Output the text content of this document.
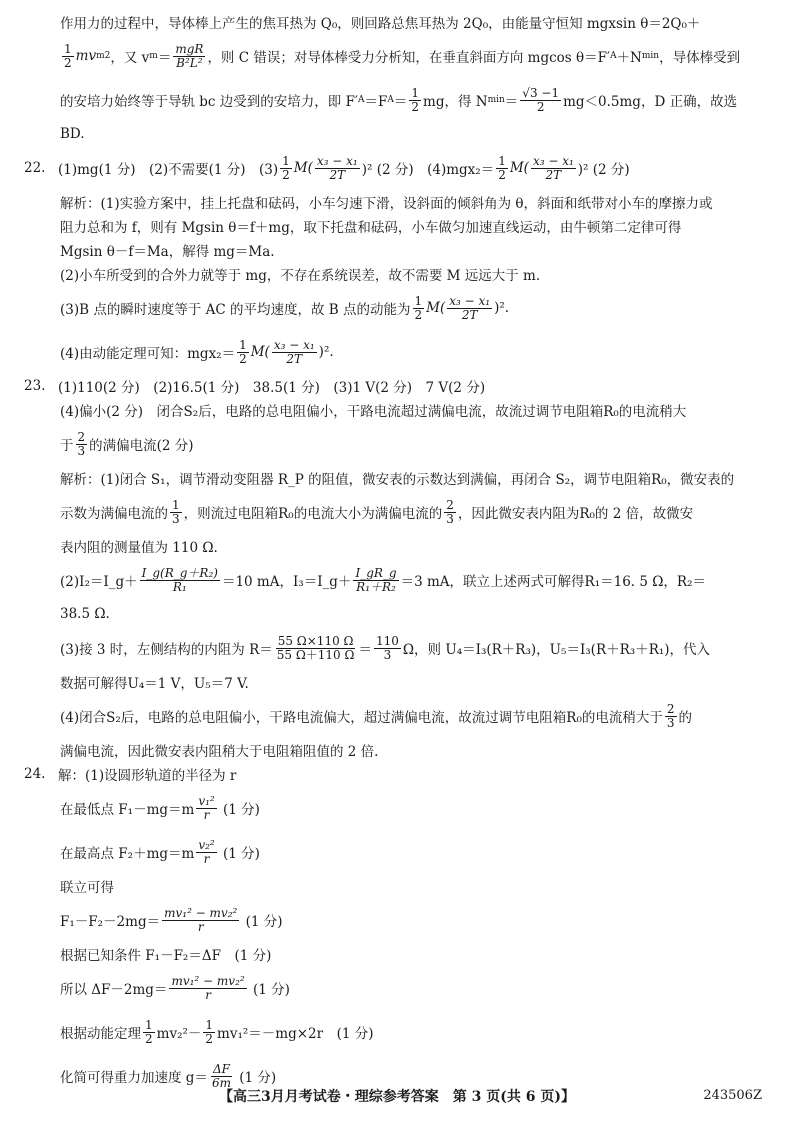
作用力的过程中，导体棒上产生的焦耳热为 Q₀，则回路总焦耳热为 2Q₀，由能量守恒知 mgxsin θ＝2Q₀＋
$\frac{1}{2}$ mv m 2 ，又 v $m = \frac{\text{mgR}}{\text{B²L²}}$ ，则 C 错误；对导体棒受力分析知，在垂直斜面方向 mgcos θ＝F′ A ＋N min ，导体棒受到
的安培力始终等于导轨 bc 边受到的安培力，即 F′ A ＝F $A = \frac{1}{2}$ mg，得 N $\min = \frac{√3 -1}{2} mg<0.5mg$，D 正确，故选
BD.
22. (1)mg(1 分)　(2)不需要(1 分)　$(3) \frac{1}{2} M( \frac{\text{x₃ − x₁}}{2T} )^2$ (2 分)　$(4)mgx_2= \frac{1}{2} M( \frac{\text{x₃ − x₁}}{2T} )^2$ (2 分)
解析：(1)实验方案中，挂上托盘和砝码，小车匀速下滑，设斜面的倾斜角为 θ，斜面和纸带对小车的摩擦力或
阻力总和为 f，则有 Mgsin θ＝f＋mg，取下托盘和砝码，小车做匀加速直线运动，由牛顿第二定律可得
Mgsin θ－f＝Ma，解得 mg＝Ma.
(2)小车所受到的合外力就等于 mg，不存在系统误差，故不需要 M 远远大于 m.
(3)B 点的瞬时速度等于 AC 的平均速度，故 B 点的动能为 $\frac{1}{2} M( \frac{\text{x₃ − x₁}}{2T} )^2$.
(4)由动能定理可知：$mgx_2= \frac{1}{2} M( \frac{\text{x₃ − x₁}}{2T} )^2$.
23. (1)110(2 分)　(2)16.5(1 分)　38.5(1 分)　(3)1 V(2 分)　7 V(2 分)
(4)偏小(2 分)　闭合S₂后，电路的总电阻偏小，干路电流超过满偏电流，故流过调节电阻箱R₀的电流稍大
于 $\frac{2}{3}$ 的满偏电流(2 分)
解析：(1)闭合 S₁，调节滑动变阻器 R_P 的阻值，微安表的示数达到满偏，再闭合 S₂，调节电阻箱R₀，微安表的
示数为满偏电流的 $\frac{1}{3}$ ，则流过电阻箱R₀的电流大小为满偏电流的 $\frac{2}{3}$ ，因此微安表内阻为R₀的 2 倍，故微安
表内阻的测量值为 110 Ω.
(2)I₂＝I_g＋ $\frac{\text{I\_g(R\_g＋R₂)}}{\text{R₁}} =10$ mA，I₃＝I_g＋ $\frac{I\_gR\_g}{\text{R₁＋R₂}} =3$ mA，联立上述两式可解得R₁＝16. 5 Ω，R₂＝
38.5 Ω.
(3)接 3 时，左侧结构的内阻为 $R= \frac{55 \Omega\times 110 \Omega}{55 \Omega+110 \Omega} = \frac{110}{3}$ Ω，则 U₄＝I₃(R＋R₃)，U₅＝I₃(R＋R₃＋R₁)，代入
数据可解得U₄＝1 V，U₅＝7 V.
(4)闭合S₂后，电路的总电阻偏小，干路电流偏大，超过满偏电流，故流过调节电阻箱R₀的电流稍大于 $\frac{2}{3}$ 的
满偏电流，因此微安表内阻稍大于电阻箱阻值的 2 倍.
24. 解：(1)设圆形轨道的半径为 r
在最低点 $F_1-mg=m \frac{\text{v₁²}}{r}$
(1 分)
在最高点 $F_2+mg=m \frac{\text{v₂²}}{r}$
(1 分)
联立可得
$F_1-F_2-2mg= \frac{\text{mv₁² − mv₂²}}{r}$
(1 分)
根据已知条件 F₁－F₂＝ΔF　(1 分)
所以 $\Delta F-2mg= \frac{\text{mv₁² − mv₂²}}{r}$
(1 分)
根据动能定理 $\frac{1}{2} mv_2^2- \frac{1}{2} mv_1^2=-mg\times 2r$　(1 分)
化简可得重力加速度 $g= \frac{\Delta F}{6m}$
(1 分)
【高三3月月考试卷・理综参考答案　第 3 页(共 6 页)】	243506Z
